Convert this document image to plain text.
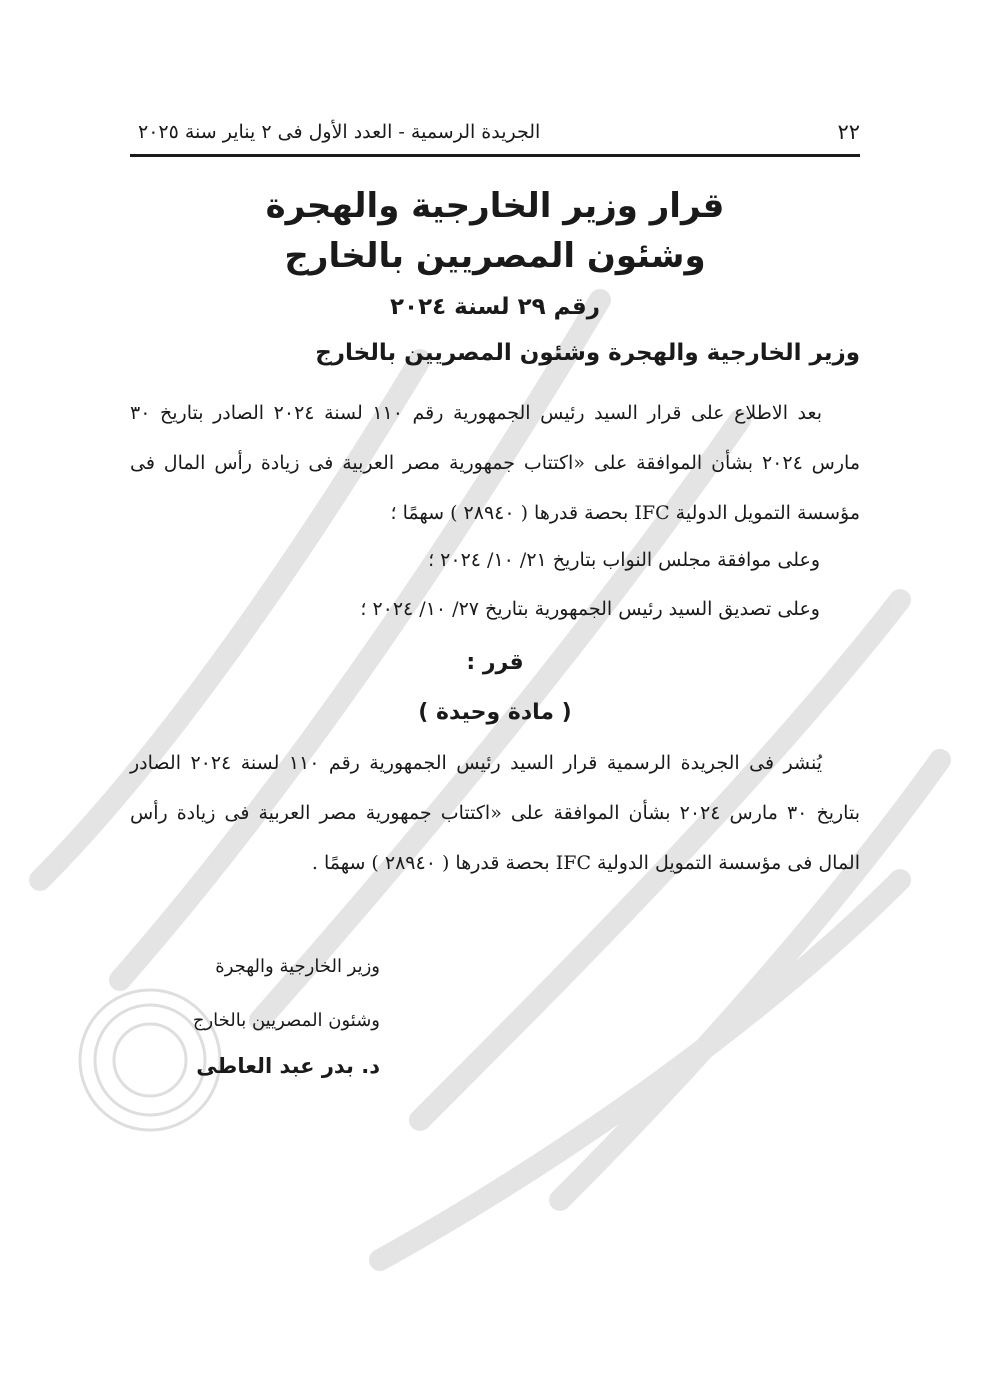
٢٢
الجريدة الرسمية - العدد الأول فى ٢ يناير سنة ٢٠٢٥
قرار وزير الخارجية والهجرة
وشئون المصريين بالخارج
رقم ٢٩ لسنة ٢٠٢٤
وزير الخارجية والهجرة وشئون المصريين بالخارج
بعد الاطلاع على قرار السيد رئيس الجمهورية رقم ١١٠ لسنة ٢٠٢٤ الصادر بتاريخ ٣٠ مارس ٢٠٢٤ بشأن الموافقة على «اكتتاب جمهورية مصر العربية فى زيادة رأس المال فى مؤسسة التمويل الدولية IFC بحصة قدرها ( ٢٨٩٤٠ ) سهمًا ؛
وعلى موافقة مجلس النواب بتاريخ ٢١/ ١٠/ ٢٠٢٤ ؛
وعلى تصديق السيد رئيس الجمهورية بتاريخ ٢٧/ ١٠/ ٢٠٢٤ ؛
قرر :
( مادة وحيدة )
يُنشر فى الجريدة الرسمية قرار السيد رئيس الجمهورية رقم ١١٠ لسنة ٢٠٢٤ الصادر بتاريخ ٣٠ مارس ٢٠٢٤ بشأن الموافقة على «اكتتاب جمهورية مصر العربية فى زيادة رأس المال فى مؤسسة التمويل الدولية IFC بحصة قدرها ( ٢٨٩٤٠ ) سهمًا .
وزير الخارجية والهجرة
وشئون المصريين بالخارج
د. بدر عبد العاطى
